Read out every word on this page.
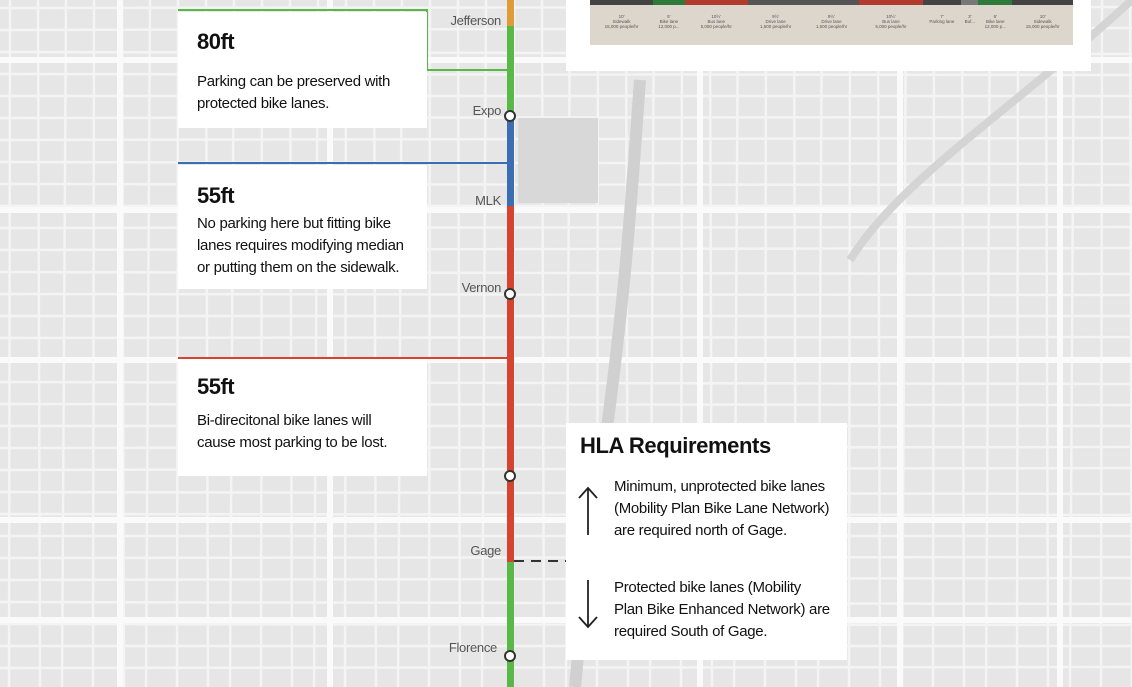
Jefferson
Expo
MLK
Vernon
Gage
Florence
80ft
Parking can be preserved with
protected bike lanes.
55ft
No parking here but fitting bike
lanes requires modifying median
or putting them on the sidewalk.
55ft
Bi-direcitonal bike lanes will
cause most parking to be lost.
10'
Sidewalk
15,000 people/hr
5'
Bike lane
12,000 p...
10½'
Bus lane
5,000 people/hr
9½'
Drive lane
1,500 people/hr
9½'
Drive lane
1,500 people/hr
10½'
Bus lane
5,000 people/hr
7'
Parking lane
3'
Buf...
6'
Bike lane
12,000 p...
10'
Sidewalk
15,000 people/hr
HLA Requirements
Minimum, unprotected bike lanes
(Mobility Plan Bike Lane Network)
are required north of Gage.
Protected bike lanes (Mobility
Plan Bike Enhanced Network) are
required South of Gage.
